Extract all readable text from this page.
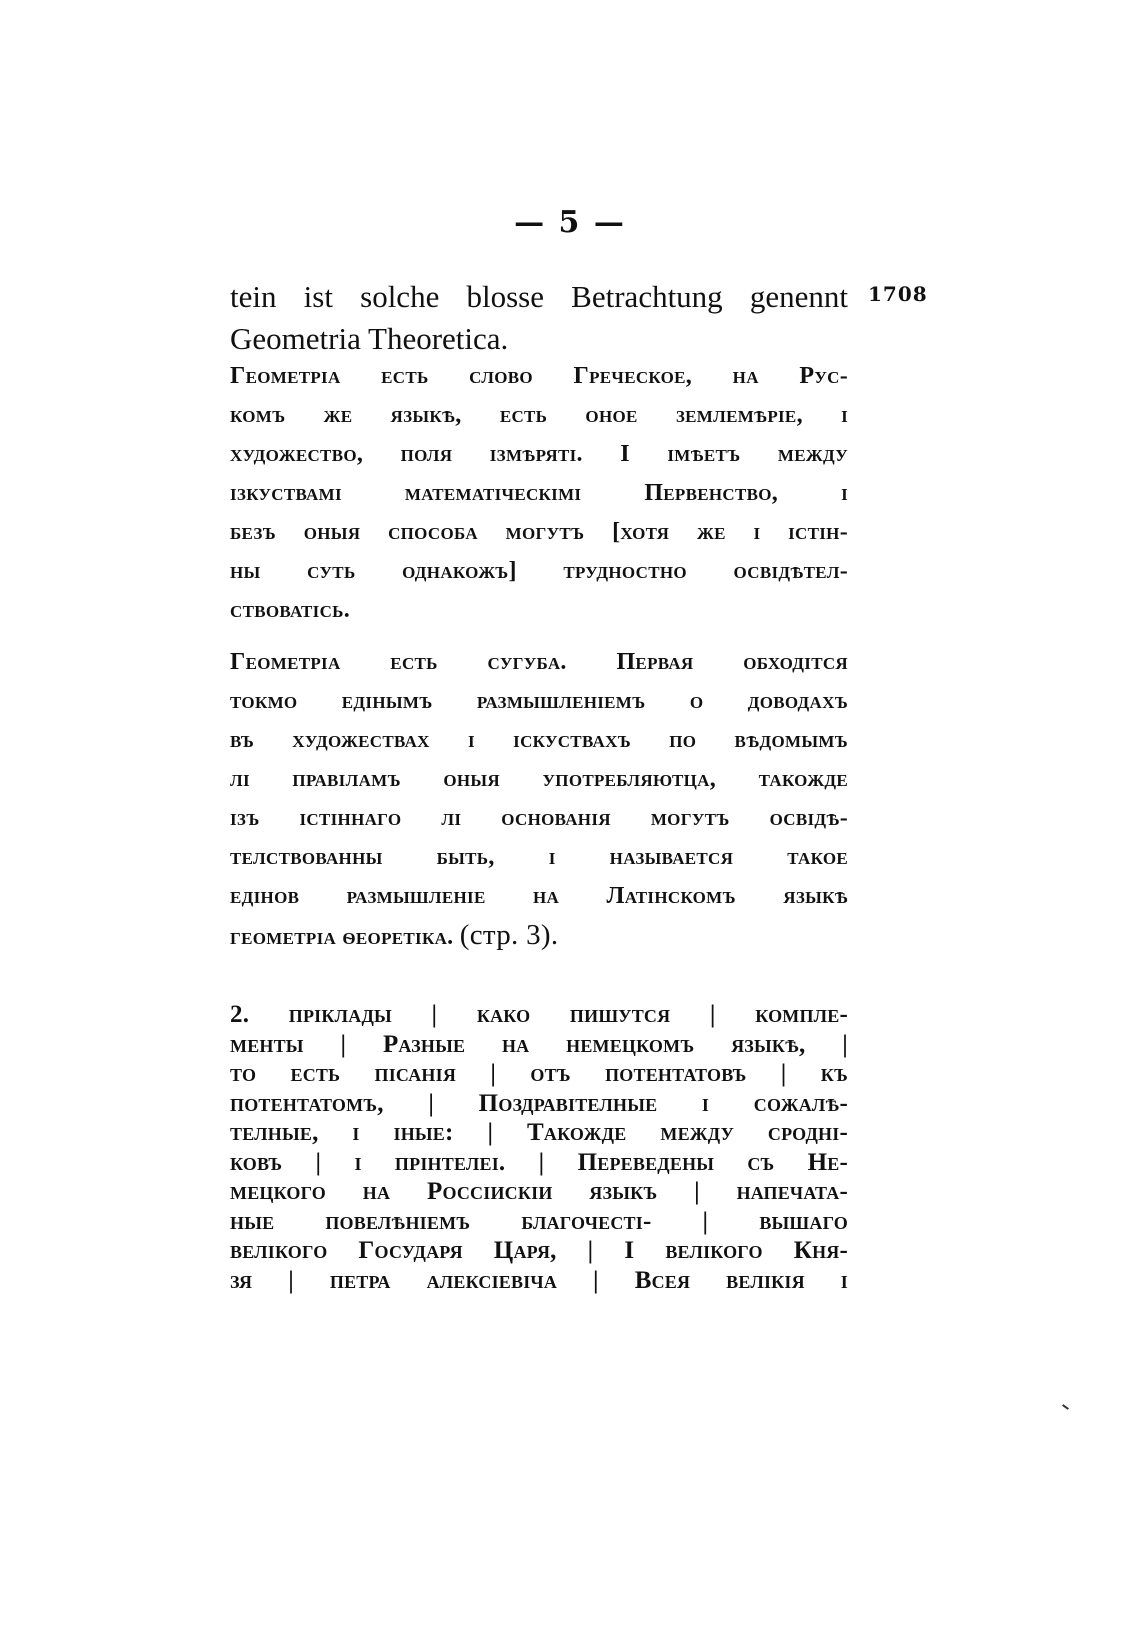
— 5 —
1708
tein ist solche blosse Betrachtung genennt
Geometria Theoretica.
Геометріа есть слово Греческое, на Рус-
комъ же языкѣ, есть оное землемѣріе, і
художество, поля ізмѣряті. І імѣетъ между
ізкуствамі математіческімі Первенство, і
безъ оныя способа могутъ [хотя же і істін-
ны суть однакожъ] трудностно освідѣтел-
ствоватісь.
Геометріа есть сугуба. Первая обходітся
токмо едінымъ размышленіемъ о доводахъ
въ художествах і іскуствахъ по вѣдомымъ
лі правіламъ оныя употребляютца, такожде
ізъ істіннаго лі основанія могутъ освідѣ-
телствованны быть, і называется такое
едінов размышленіе на Латінскомъ языкѣ
геометріа ѳеоретіка. (стр. 3).
2. пріклады | како пишутся | компле-
менты | Разные на немецкомъ языкѣ, |
то есть пісанія | отъ потентатовъ | къ
потентатомъ, | Поздравітелные і сожалѣ-
телные, і іные: | Такожде между сродні-
ковъ | і прінтелеі. | Переведены съ Не-
мецкого на Россіискіи языкъ | напечата-
ные повелѣніемъ благочесті- | вышаго
велікого Государя Царя, | І велікого Кня-
зя | петра алексіевіча | Всея велікія і
